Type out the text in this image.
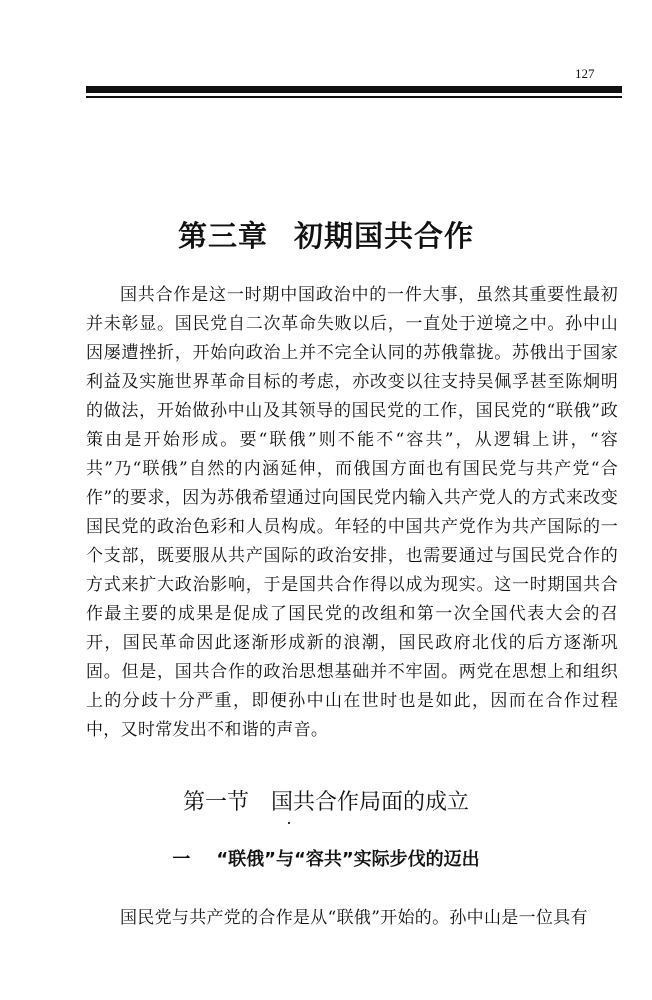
127
第三章 初期国共合作

国共合作是这一时期中国政治中的一件大事，虽然其重要性最初并未彰显。国民党自二次革命失败以后，一直处于逆境之中。孙中山因屡遭挫折，开始向政治上并不完全认同的苏俄靠拢。苏俄出于国家利益及实施世界革命目标的考虑，亦改变以往支持吴佩孚甚至陈炯明的做法，开始做孙中山及其领导的国民党的工作，国民党的“联俄”政策由是开始形成。要“联俄”则不能不“容共”，从逻辑上讲，“容共”乃“联俄”自然的内涵延伸，而俄国方面也有国民党与共产党“合作”的要求，因为苏俄希望通过向国民党内输入共产党人的方式来改变国民党的政治色彩和人员构成。年轻的中国共产党作为共产国际的一个支部，既要服从共产国际的政治安排，也需要通过与国民党合作的方式来扩大政治影响，于是国共合作得以成为现实。这一时期国共合作最主要的成果是促成了国民党的改组和第一次全国代表大会的召开，国民革命因此逐渐形成新的浪潮，国民政府北伐的后方逐渐巩固。但是，国共合作的政治思想基础并不牢固。两党在思想上和组织上的分歧十分严重，即便孙中山在世时也是如此，因而在合作过程中，又时常发出不和谐的声音。

第一节 国共合作局面的成立
一 “联俄”与“容共”实际步伐的迈出

国民党与共产党的合作是从“联俄”开始的。孙中山是一位具有
